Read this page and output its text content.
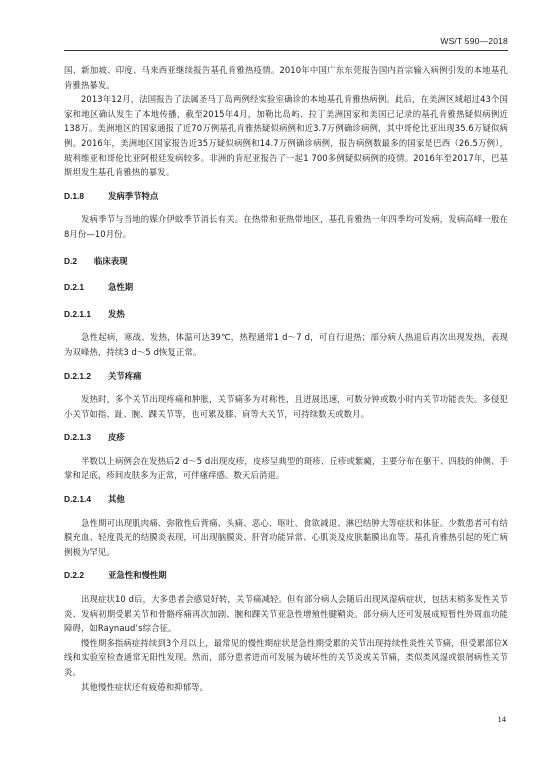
WS/T 590—2018

国、新加坡、印度、马来西亚继续报告基孔肯雅热疫情。2010年中国广东东莞报告国内首宗输入病例引发的本地基孔肯雅热暴发。

2013年12月，法国报告了法属圣马丁岛两例经实验室确诊的本地基孔肯雅热病例。此后，在美洲区域超过43个国家和地区确认发生了本地传播，截至2015年4月，加勒比岛屿、拉丁美洲国家和美国已记录的基孔肯雅热疑似病例近138万。美洲地区的国家通报了近70万例基孔肯雅热疑似病例和近3.7万例确诊病例，其中哥伦比亚出现35.6万疑似病例。2016年，美洲地区国家报告近35万疑似病例和14.7万例确诊病例，报告病例数最多的国家是巴西（26.5万例），玻利维亚和哥伦比亚阿根廷发病较多。非洲的肯尼亚报告了一起1 700多例疑似病例的疫情。2016年至2017年，巴基斯坦发生基孔肯雅热的暴发。

D.1.8	发病季节特点

发病季节与当地的媒介伊蚊季节消长有关。在热带和亚热带地区，基孔肯雅热一年四季均可发病，发病高峰一般在8月份—10月份。

D.2 临床表现

D.2.1	急性期

D.2.1.1 发热

急性起病，寒战、发热，体温可达39℃，热程通常1 d～7 d，可自行退热；部分病人热退后再次出现发热，表现为双峰热，持续3 d～5 d恢复正常。

D.2.1.2 关节疼痛

发热时，多个关节出现疼痛和肿胀，关节痛多为对称性，且进展迅速，可数分钟或数小时内关节功能丧失。多侵犯小关节如指、趾、腕、踝关节等，也可累及膝、肩等大关节，可持续数天或数月。

D.2.1.3 皮疹

半数以上病例会在发热后2 d～5 d出现皮疹，皮疹呈典型的斑疹、丘疹或紫癜，主要分布在躯干、四肢的伸侧、手掌和足底，疹间皮肤多为正常，可伴瘙痒感。数天后消退。

D.2.1.4 其他

急性期可出现肌肉痛、弥散性后背痛、头痛、恶心、呕吐、食欲减退、淋巴结肿大等症状和体征。少数患者可有结膜充血、轻度畏光的结膜炎表现，可出现脑膜炎、肝肾功能异常、心肌炎及皮肤黏膜出血等。基孔肯雅热引起的死亡病例极为罕见。

D.2.2	亚急性和慢性期

出现症状10 d后，大多患者会感觉好转，关节痛减轻。但有部分病人会随后出现风湿病症状，包括末梢多发性关节炎、发病初期受累关节和骨骼疼痛再次加剧、腕和踝关节亚急性增殖性腱鞘炎。部分病人还可发展成短暂性外周血功能障碍，如Raynaud’s综合征。

慢性期多指病症持续到3个月以上，最常见的慢性期症状是急性期受累的关节出现持续性炎性关节痛，但受累部位X线和实验室检查通常无阳性发现。然而，部分患者进而可发展为破坏性的关节炎或关节痛，类似类风湿或银屑病性关节炎。

其他慢性症状还有疲倦和抑郁等。

14
